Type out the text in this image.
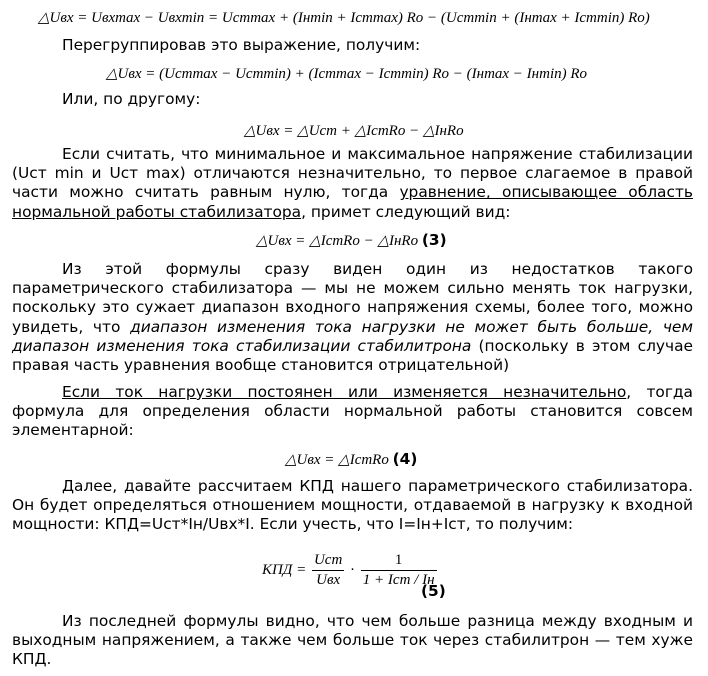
△Uвх = Uвхmax − Uвхmin = Uстmax + (Iнmin + Iстmax) Ro − (Uстmin + (Iнmax + Iстmin) Ro)
Перегруппировав это выражение, получим:
△Uвх = (Uстmax − Uстmin) + (Iстmax − Iстmin) Ro − (Iнmax − Iнmin) Ro
Или, по другому:
△Uвх = △Uст + △IстRo − △IнRo
Если считать, что минимальное и максимальное напряжение стабилизации (Uст min и Uст max) отличаются незначительно, то первое слагаемое в правой части можно считать равным нулю, тогда уравнение, описывающее область нормальной работы стабилизатора, примет следующий вид:
△Uвх = △IстRo − △IнRo (3)
Из этой формулы сразу виден один из недостатков такого параметрического стабилизатора — мы не можем сильно менять ток нагрузки, поскольку это сужает диапазон входного напряжения схемы, более того, можно увидеть, что диапазон изменения тока нагрузки не может быть больше, чем диапазон изменения тока стабилизации стабилитрона (поскольку в этом случае правая часть уравнения вообще становится отрицательной)
Если ток нагрузки постоянен или изменяется незначительно, тогда формула для определения области нормальной работы становится совсем элементарной:
△Uвх = △IстRo (4)
Далее, давайте рассчитаем КПД нашего параметрического стабилизатора. Он будет определяться отношением мощности, отдаваемой в нагрузку к входной мощности: КПД=Uст*Iн/Uвх*I. Если учесть, что I=Iн+Iст, то получим:
КПД = $\frac{\text{Uст}}{\text{Uвх}} \cdot \frac{1}{\text{1 + Iст / Iн}}$
(5)
Из последней формулы видно, что чем больше разница между входным и выходным напряжением, а также чем больше ток через стабилитрон — тем хуже КПД.
